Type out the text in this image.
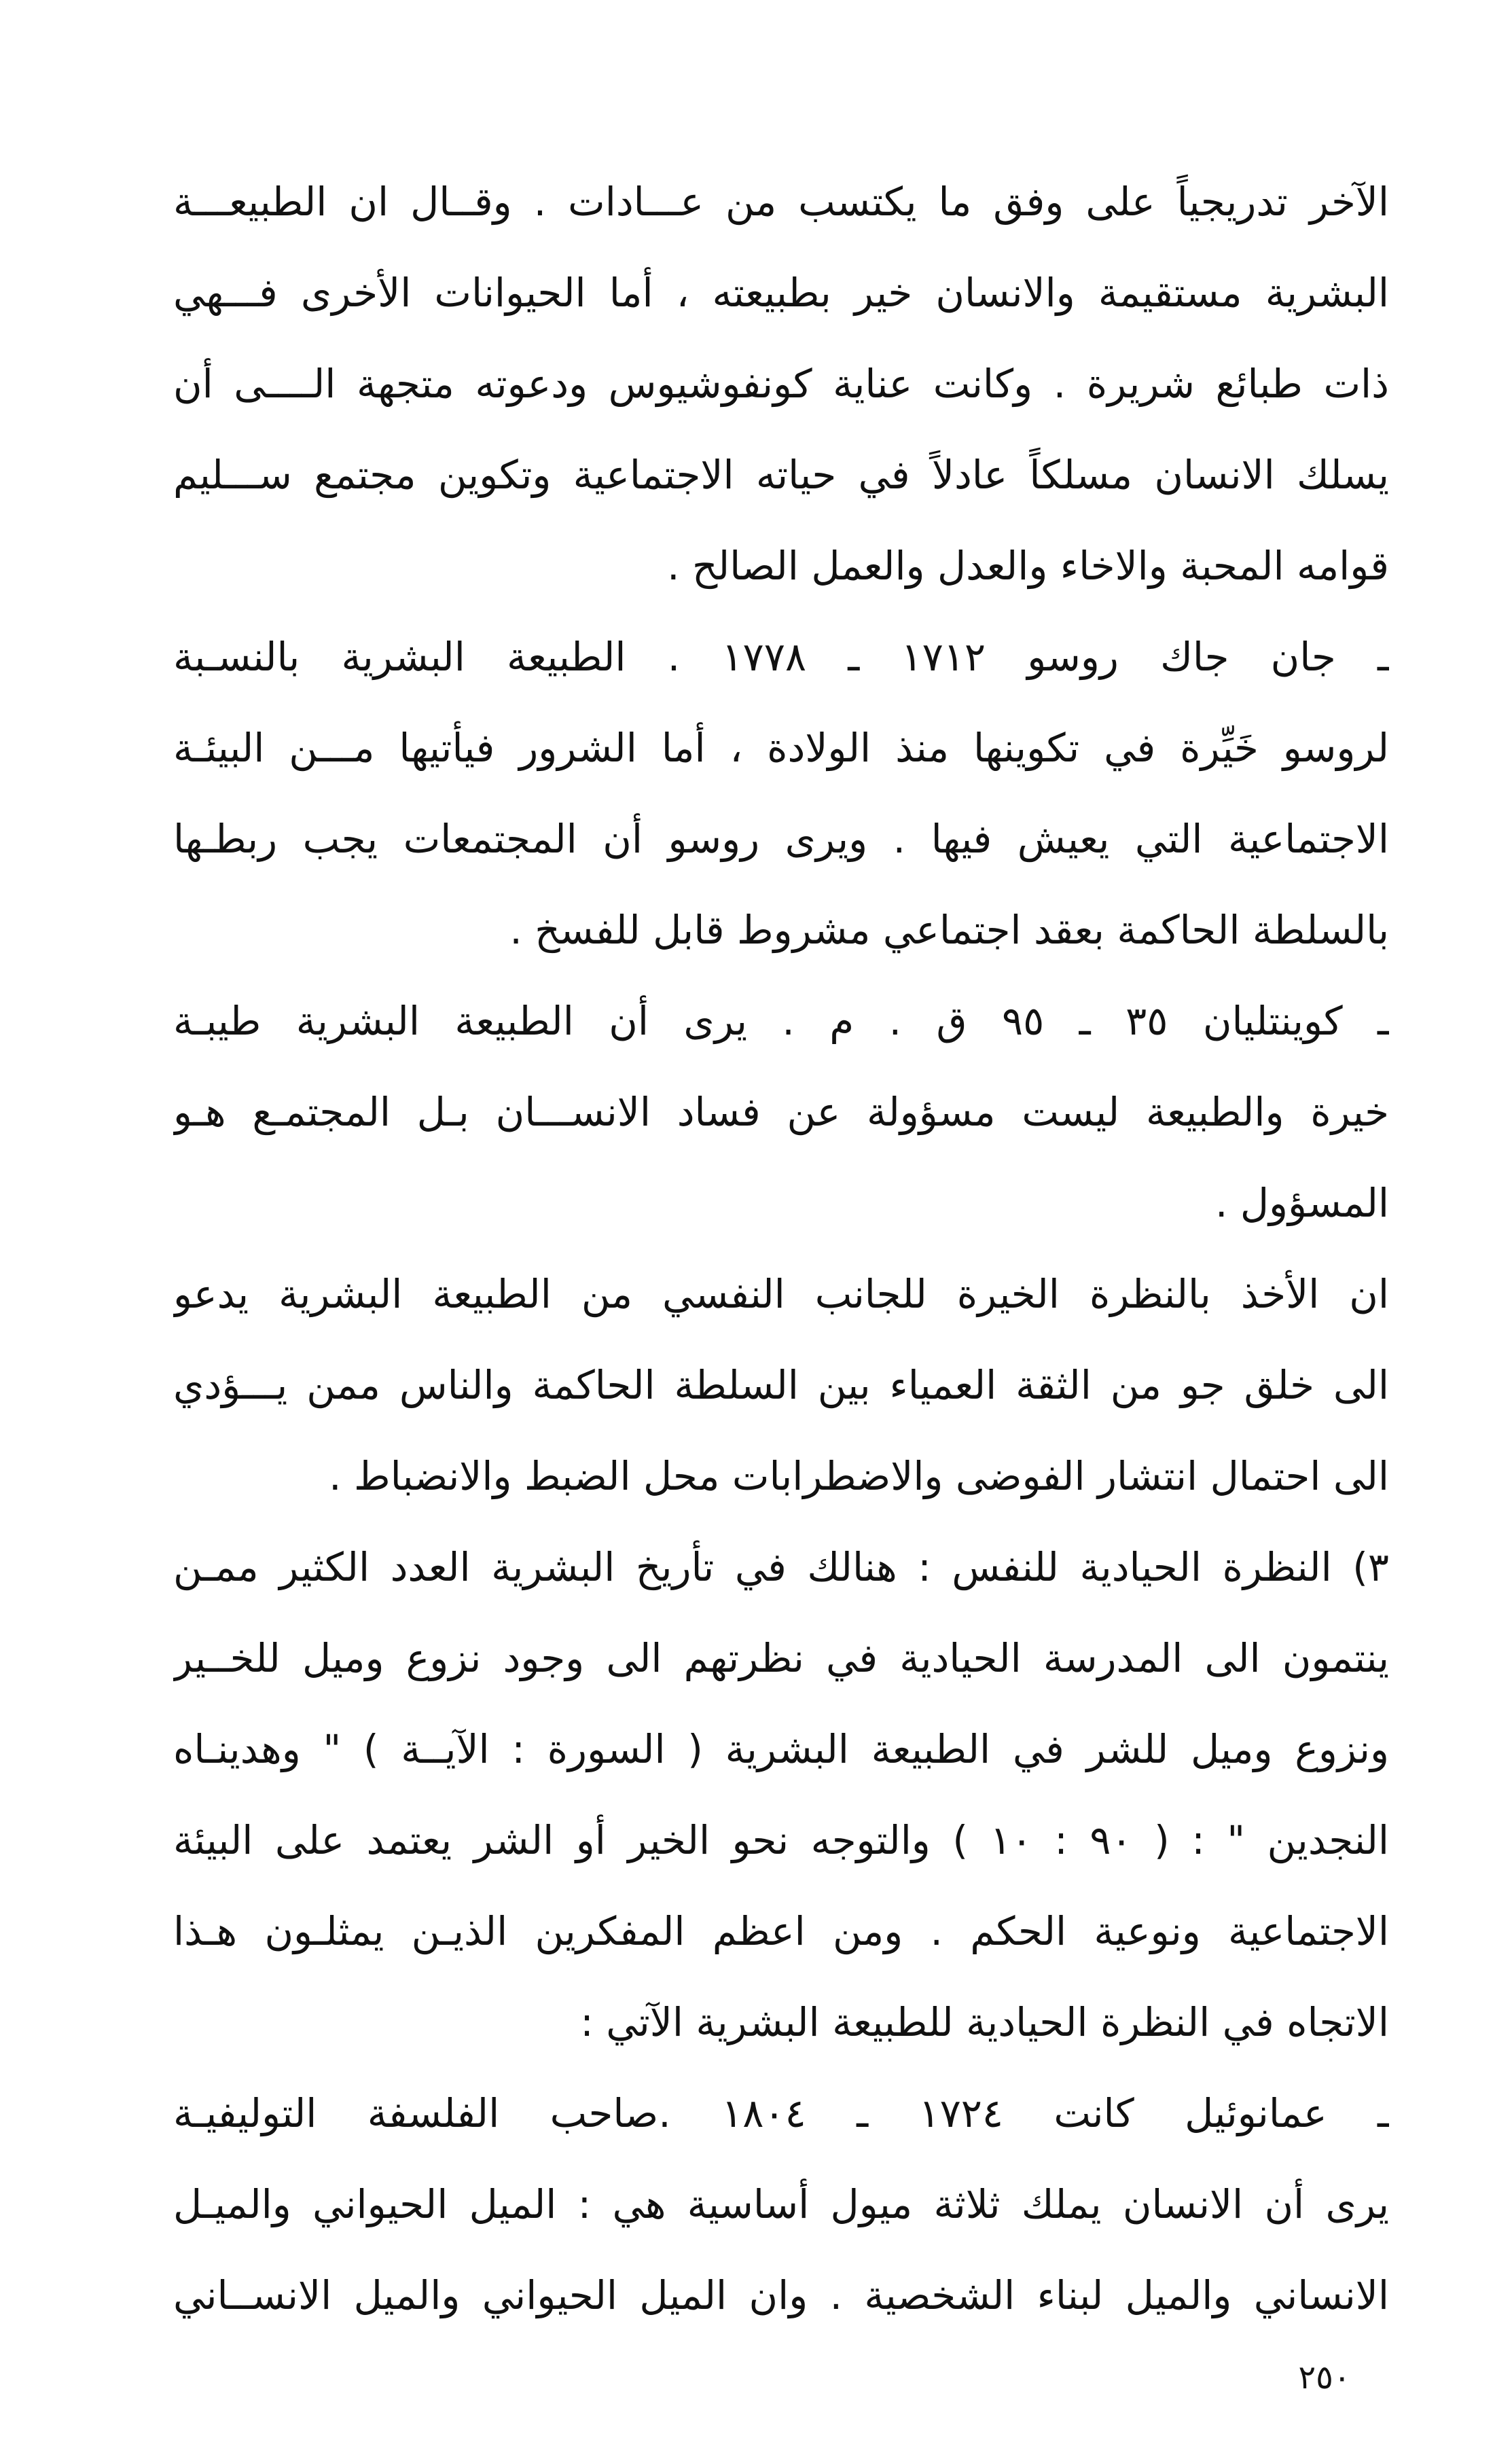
الآخر تدريجياً على وفق ما يكتسب من عـــادات . وقــال ان الطبيعـــة
البشرية مستقيمة والانسان خير بطبيعته ، أما الحيوانات الأخرى فـــهي
ذات طبائع شريرة . وكانت عناية كونفوشيوس ودعوته متجهة الــــى أن
يسلك الانسان مسلكاً عادلاً في حياته الاجتماعية وتكوين مجتمع ســـليم
قوامه المحبة والاخاء والعدل والعمل الصالح .
ـ جان جاك روسو ١٧١٢ ـ ١٧٧٨ . الطبيعة البشرية بالنسـبة
لروسو خَيِّرة في تكوينها منذ الولادة ، أما الشرور فيأتيها مـــن البيئـة
الاجتماعية التي يعيش فيها . ويرى روسو أن المجتمعات يجب ربطـها
بالسلطة الحاكمة بعقد اجتماعي مشروط قابل للفسخ .
ـ كوينتليان ٣٥ ـ ٩٥ ق . م . يرى أن الطبيعة البشرية طيبـة
خيرة والطبيعة ليست مسؤولة عن فساد الانســـان بـل المجتمـع هـو
المسؤول .
ان الأخذ بالنظرة الخيرة للجانب النفسي من الطبيعة البشرية يدعو
الى خلق جو من الثقة العمياء بين السلطة الحاكمة والناس ممن يـــؤدي
الى احتمال انتشار الفوضى والاضطرابات محل الضبط والانضباط .
٣) النظرة الحيادية للنفس : هنالك في تأريخ البشرية العدد الكثير ممـن
ينتمون الى المدرسة الحيادية في نظرتهم الى وجود نزوع وميل للخــير
ونزوع وميل للشر في الطبيعة البشرية ( السورة : الآيــة ) " وهدينـاه
النجدين " : ( ٩٠ : ١٠ ) والتوجه نحو الخير أو الشر يعتمد على البيئة
الاجتماعية ونوعية الحكم . ومن اعظم المفكرين الذيـن يمثلـون هـذا
الاتجاه في النظرة الحيادية للطبيعة البشرية الآتي :
ـ عمانوئيل كانت ١٧٢٤ ـ ١٨٠٤ .صاحب الفلسفة التوليفيـة
يرى أن الانسان يملك ثلاثة ميول أساسية هي : الميل الحيواني والميـل
الانساني والميل لبناء الشخصية . وان الميل الحيواني والميل الانســاني
٢٥٠
